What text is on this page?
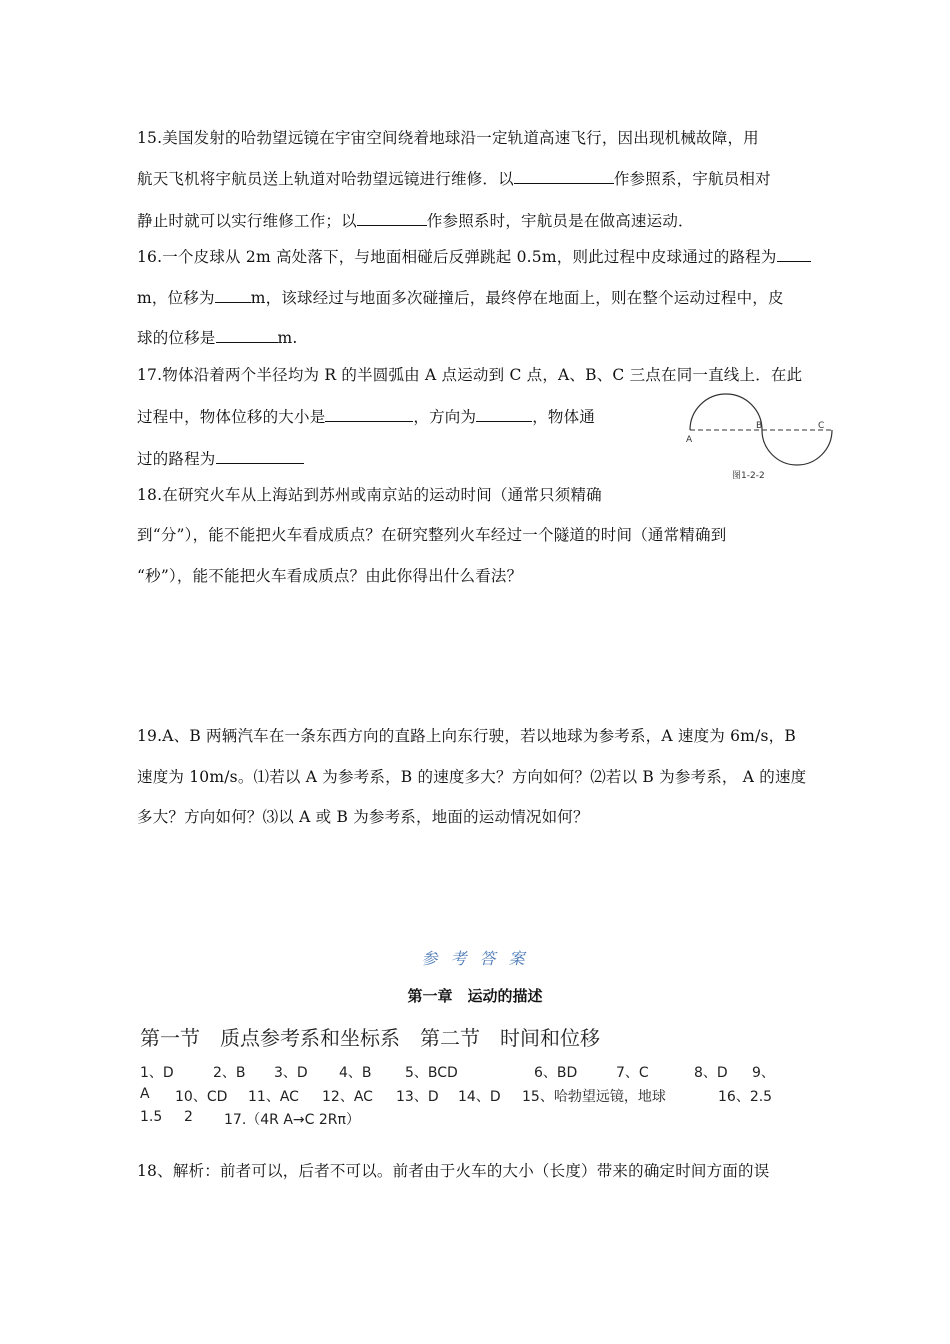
15.美国发射的哈勃望远镜在宇宙空间绕着地球沿一定轨道高速飞行，因出现机械故障，用
航天飞机将宇航员送上轨道对哈勃望远镜进行维修．以	作参照系，宇航员相对
静止时就可以实行维修工作；以	作参照系时，宇航员是在做高速运动．
16.一个皮球从 2m 高处落下，与地面相碰后反弹跳起 0.5m，则此过程中皮球通过的路程为
m，位移为 m，该球经过与地面多次碰撞后，最终停在地面上，则在整个运动过程中，皮
球的位移是	m.
17.物体沿着两个半径均为 R 的半圆弧由 A 点运动到 C 点，A、B、C 三点在同一直线上．在此
过程中，物体位移的大小是	，方向为	，物体通
过的路程为
A
B	C
图1-2-2
18.在研究火车从上海站到苏州或南京站的运动时间（通常只须精确
到“分”），能不能把火车看成质点？在研究整列火车经过一个隧道的时间（通常精确到
“秒”），能不能把火车看成质点？由此你得出什么看法？
19.A、B 两辆汽车在一条东西方向的直路上向东行驶，若以地球为参考系，A 速度为 6m/s，B
速度为 10m/s。⑴若以 A 为参考系，B 的速度多大？方向如何？⑵若以 B 为参考系， A 的速度
多大？方向如何？⑶以 A 或 B 为参考系，地面的运动情况如何？
参 考 答 案
第一章　运动的描述
第一节　质点参考系和坐标系　第二节　时间和位移
1、D	2、B 3、D 4、B 5、BCD	6、BD	7、C	8、D 9、
A 10、CD 11、AC 12、AC 13、D 14、D 15、哈勃望远镜，地球	16、2.5
1.5 2 17.（4R A→C 2Rπ）
18、解析：前者可以，后者不可以。前者由于火车的大小（长度）带来的确定时间方面的误
